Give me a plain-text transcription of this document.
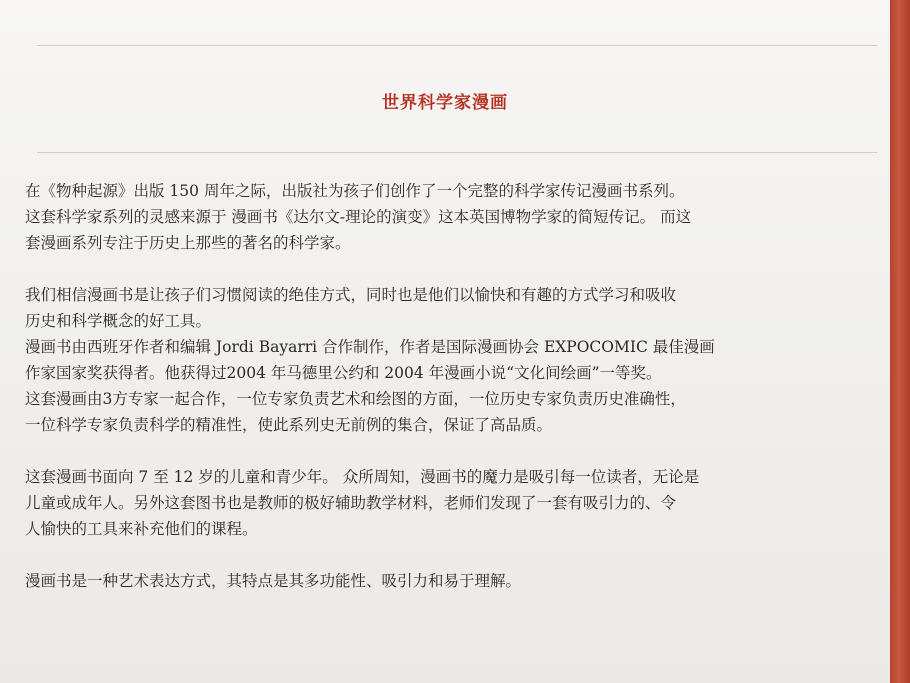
世界科学家漫画

在《物种起源》出版 150 周年之际，出版社为孩子们创作了一个完整的科学家传记漫画书系列。
这套科学家系列的灵感来源于 漫画书《达尔文-理论的演变》这本英国博物学家的简短传记。 而这
套漫画系列专注于历史上那些的著名的科学家。

我们相信漫画书是让孩子们习惯阅读的绝佳方式，同时也是他们以愉快和有趣的方式学习和吸收
历史和科学概念的好工具。
漫画书由西班牙作者和编辑 Jordi Bayarri 合作制作，作者是国际漫画协会 EXPOCOMIC 最佳漫画
作家国家奖获得者。他获得过2004 年马德里公约和 2004 年漫画小说“文化间绘画”一等奖。
这套漫画由3方专家一起合作，一位专家负责艺术和绘图的方面，一位历史专家负责历史准确性，
一位科学专家负责科学的精准性，使此系列史无前例的集合，保证了高品质。

这套漫画书面向 7 至 12 岁的儿童和青少年。 众所周知，漫画书的魔力是吸引每一位读者，无论是
儿童或成年人。另外这套图书也是教师的极好辅助教学材料，老师们发现了一套有吸引力的、令
人愉快的工具来补充他们的课程。

漫画书是一种艺术表达方式，其特点是其多功能性、吸引力和易于理解。
